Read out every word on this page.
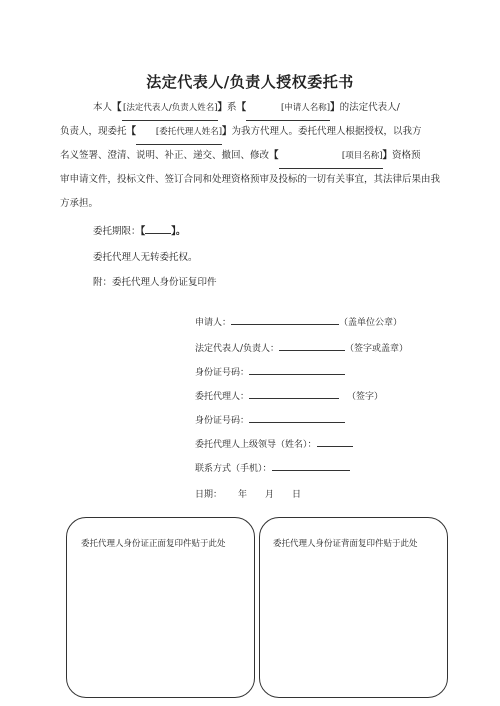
法定代表人/负责人授权委托书
本人【 [法定代表人/负责人姓名]】系【	[申请人名称]】的法定代表人/
负责人，现委托【 [委托代理人姓名]】为我方代理人。委托代理人根据授权，以我方
名义签署、澄清、说明、补正、递交、撤回、修改【	[项目名称]】资格预
审申请文件，投标文件、签订合同和处理资格预审及投标的一切有关事宜，其法律后果由我
方承担。
委托期限：【	】。
委托代理人无转委托权。
附：委托代理人身份证复印件
申请人：	（盖单位公章）
法定代表人/负责人：	（签字或盖章）
身份证号码：
委托代理人：	（签字）
身份证号码：
委托代理人上级领导（姓名）：
联系方式（手机）：
日期： 年 月 日
委托代理人身份证正面复印件贴于此处	委托代理人身份证背面复印件贴于此处
